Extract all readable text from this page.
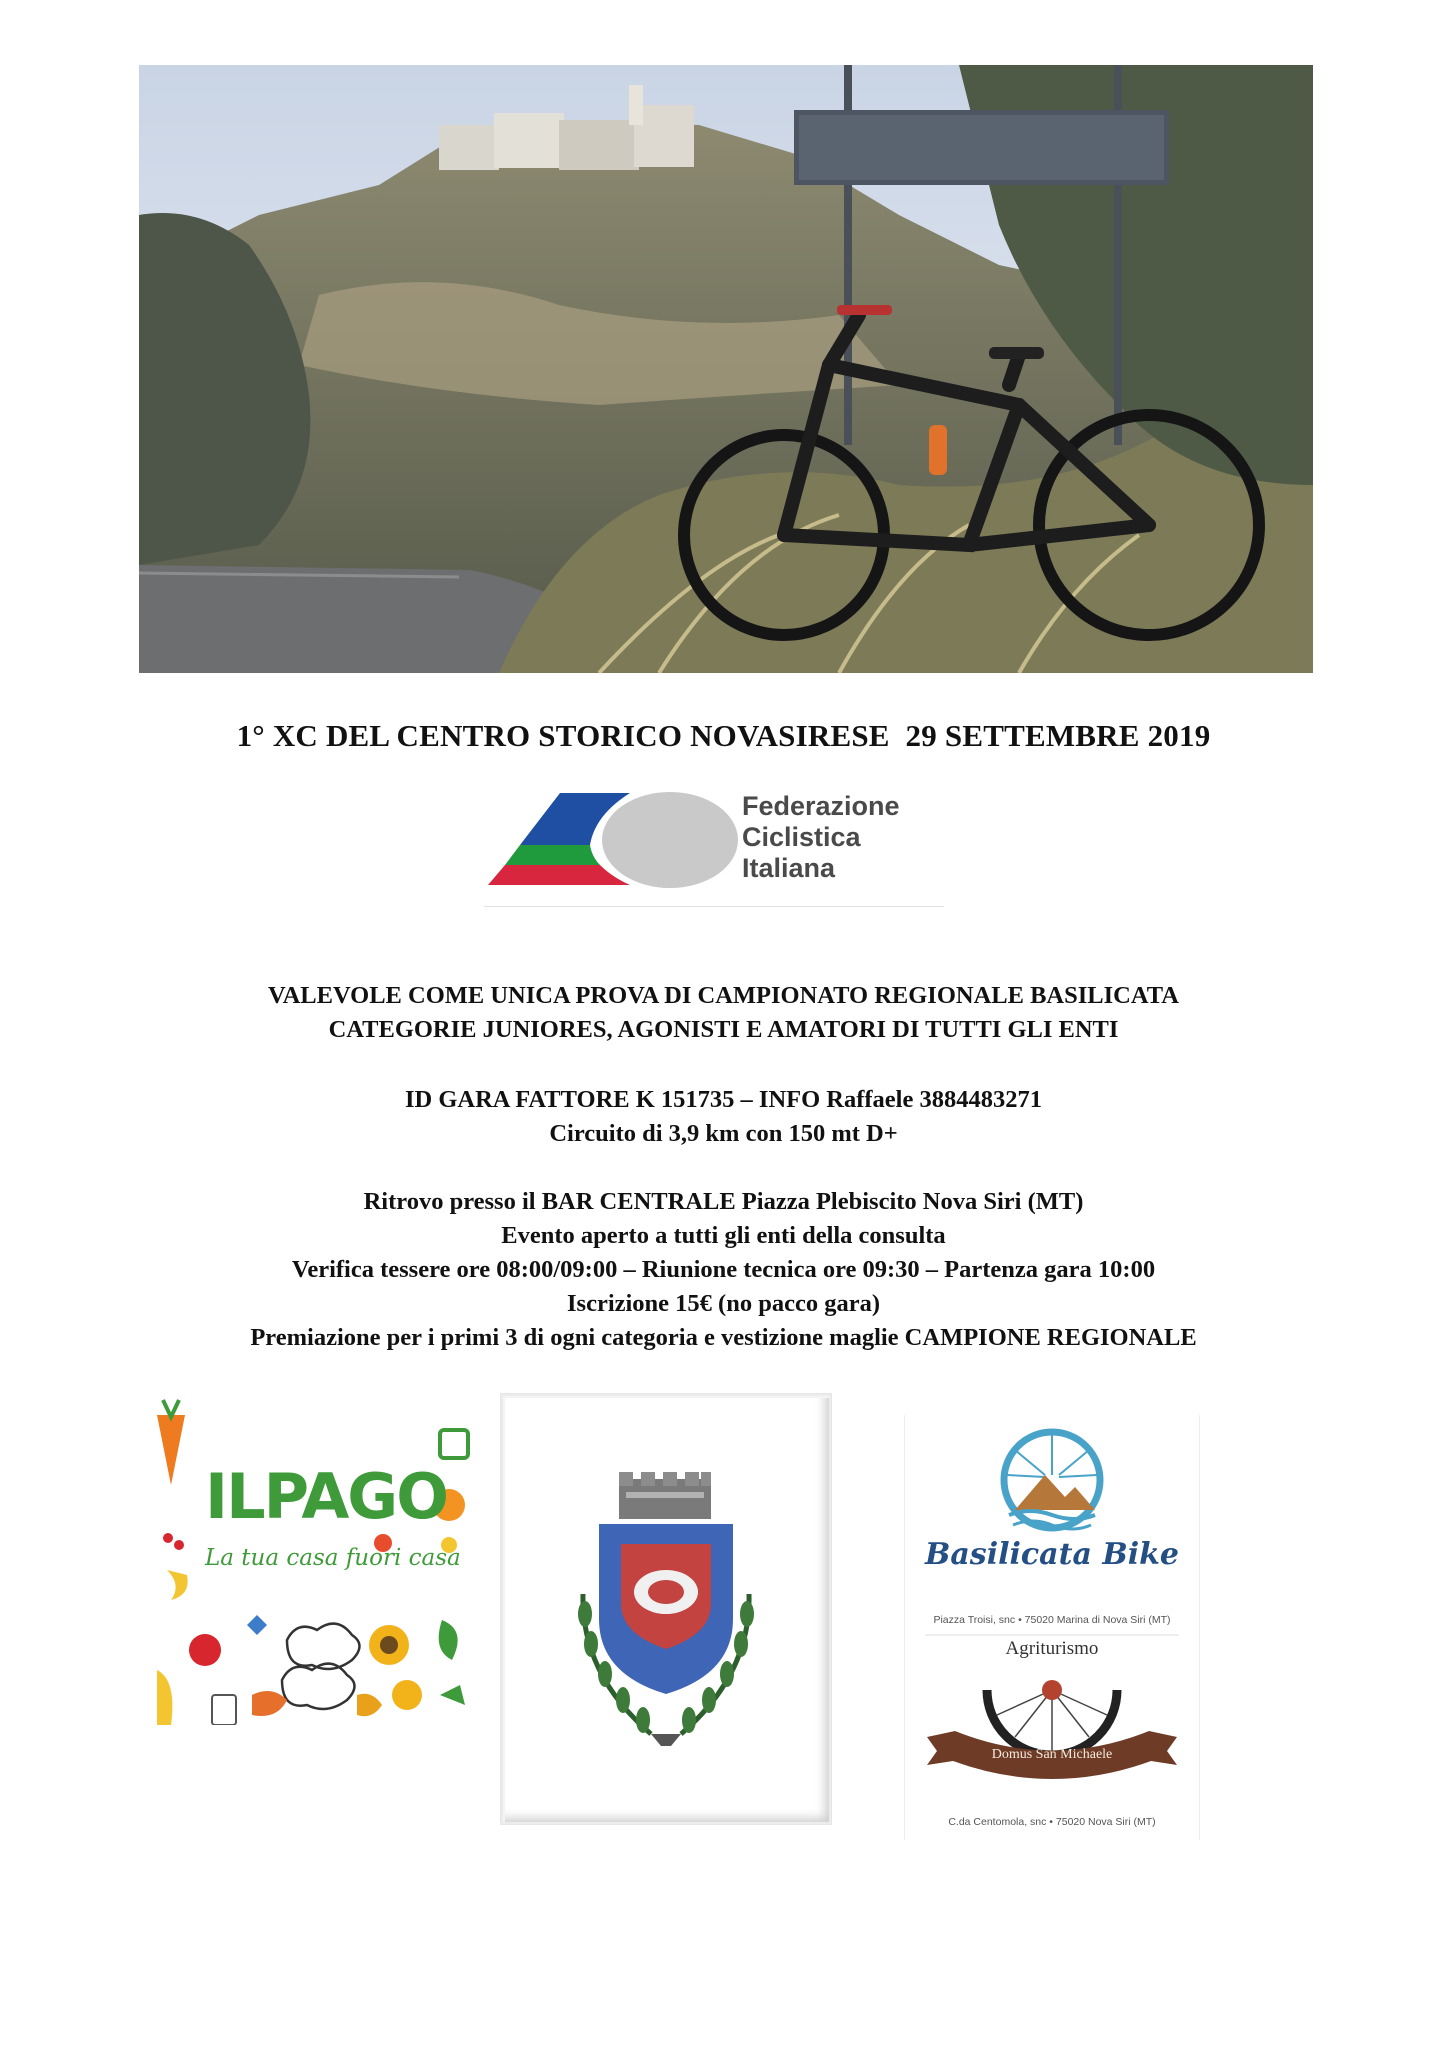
1° XC DEL CENTRO STORICO NOVASIRESE  29 SETTEMBRE 2019
Federazione
Ciclistica
Italiana
VALEVOLE COME UNICA PROVA DI CAMPIONATO REGIONALE BASILICATA
CATEGORIE JUNIORES, AGONISTI E AMATORI DI TUTTI GLI ENTI
ID GARA FATTORE K 151735 – INFO Raffaele 3884483271
Circuito di 3,9 km con 150 mt D+
Ritrovo presso il BAR CENTRALE Piazza Plebiscito Nova Siri (MT)
Evento aperto a tutti gli enti della consulta
Verifica tessere ore 08:00/09:00 – Riunione tecnica ore 09:30 – Partenza gara 10:00
Iscrizione 15€ (no pacco gara)
Premiazione per i primi 3 di ogni categoria e vestizione maglie CAMPIONE REGIONALE
ILPAGO
La tua casa fuori casa	Basilicata Bike
Piazza Troisi, snc • 75020 Marina di Nova Siri (MT)
Agriturismo
Domus San Michaele
C.da Centomola, snc • 75020 Nova Siri (MT)
